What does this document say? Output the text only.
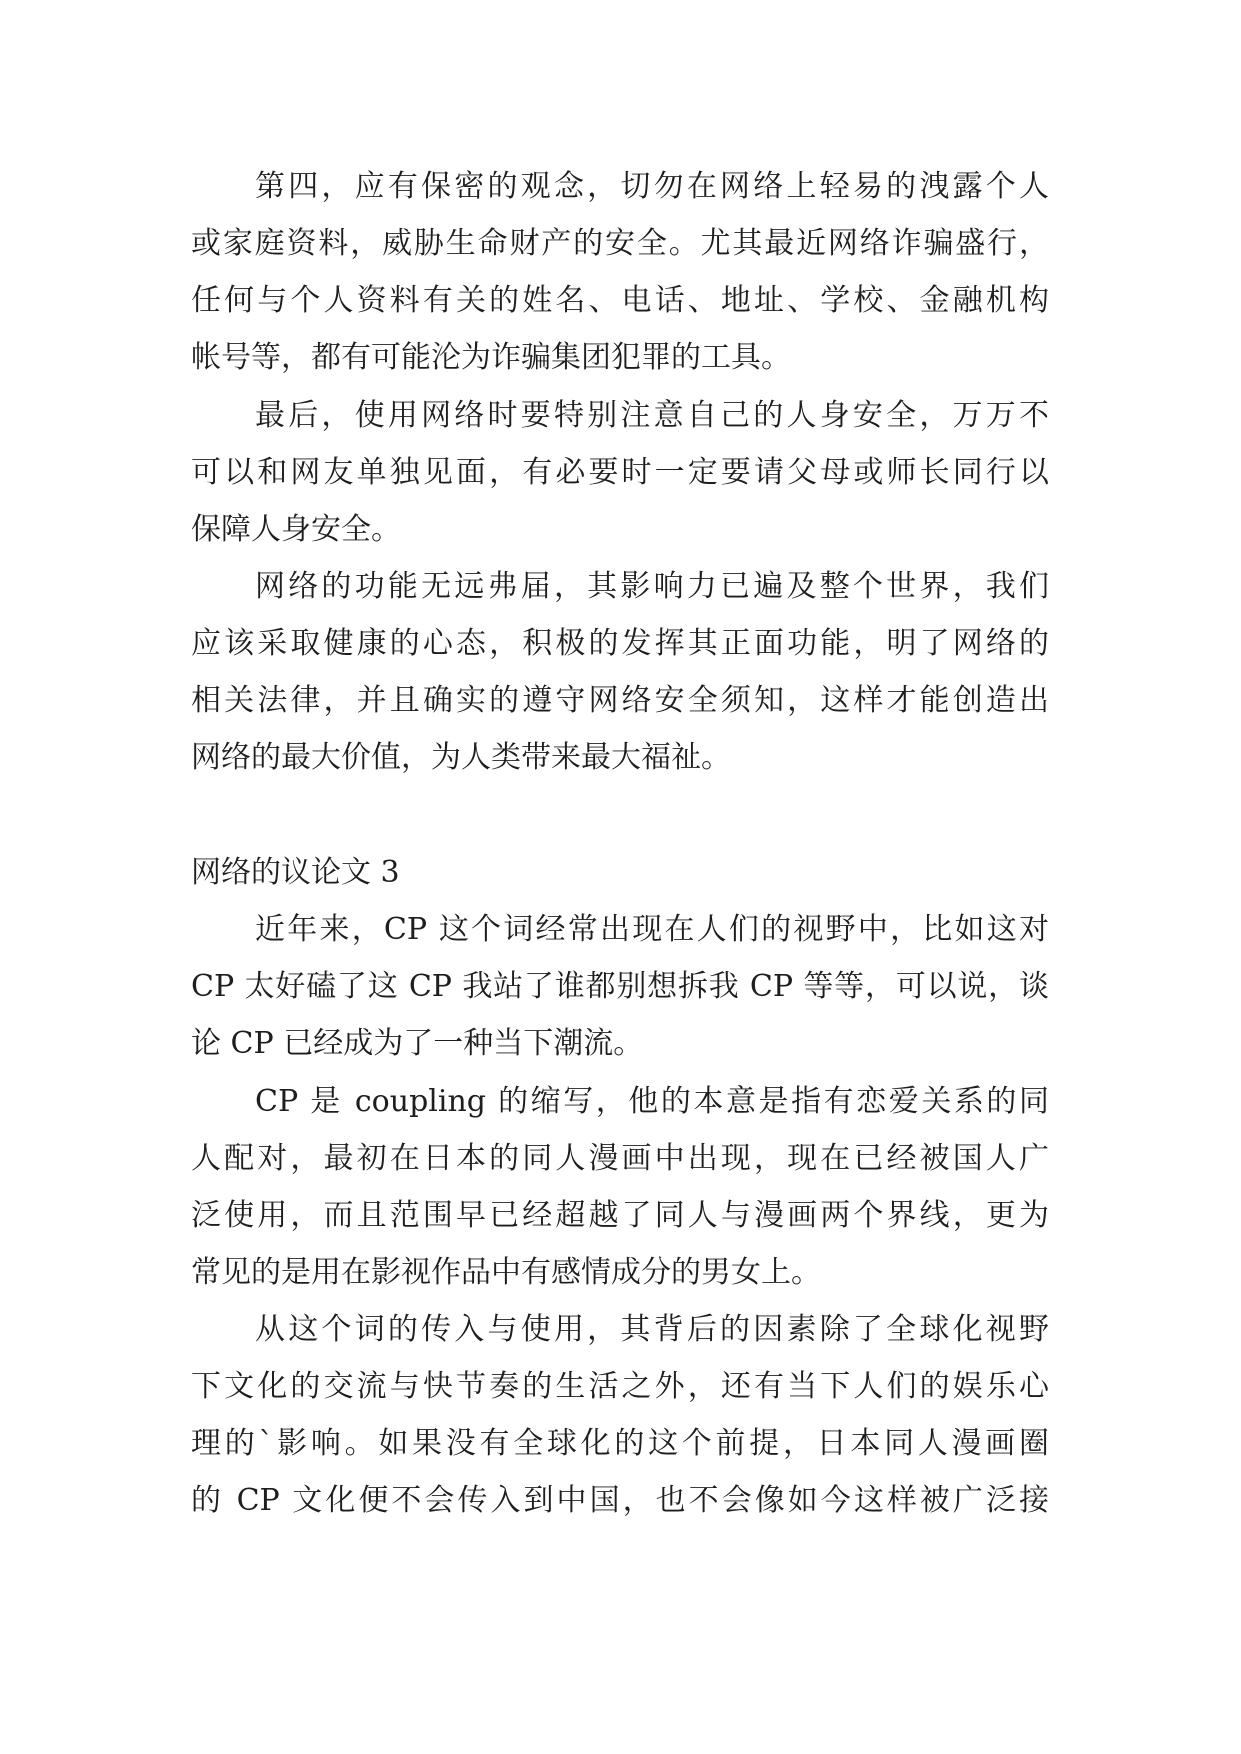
第四，应有保密的观念，切勿在网络上轻易的洩露个人
或家庭资料，威胁生命财产的安全。尤其最近网络诈骗盛行，
任何与个人资料有关的姓名、电话、地址、学校、金融机构
帐号等，都有可能沦为诈骗集团犯罪的工具。
最后，使用网络时要特别注意自己的人身安全，万万不
可以和网友单独见面，有必要时一定要请父母或师长同行以
保障人身安全。
网络的功能无远弗届，其影响力已遍及整个世界，我们
应该采取健康的心态，积极的发挥其正面功能，明了网络的
相关法律，并且确实的遵守网络安全须知，这样才能创造出
网络的最大价值，为人类带来最大福祉。
网络的议论文 3
近年来，CP 这个词经常出现在人们的视野中，比如这对
CP 太好磕了这 CP 我站了谁都别想拆我 CP 等等，可以说，谈
论 CP 已经成为了一种当下潮流。
CP 是 coupling 的缩写，他的本意是指有恋爱关系的同
人配对，最初在日本的同人漫画中出现，现在已经被国人广
泛使用，而且范围早已经超越了同人与漫画两个界线，更为
常见的是用在影视作品中有感情成分的男女上。
从这个词的传入与使用，其背后的因素除了全球化视野
下文化的交流与快节奏的生活之外，还有当下人们的娱乐心
理的`影响。如果没有全球化的这个前提，日本同人漫画圈
的 CP 文化便不会传入到中国，也不会像如今这样被广泛接
